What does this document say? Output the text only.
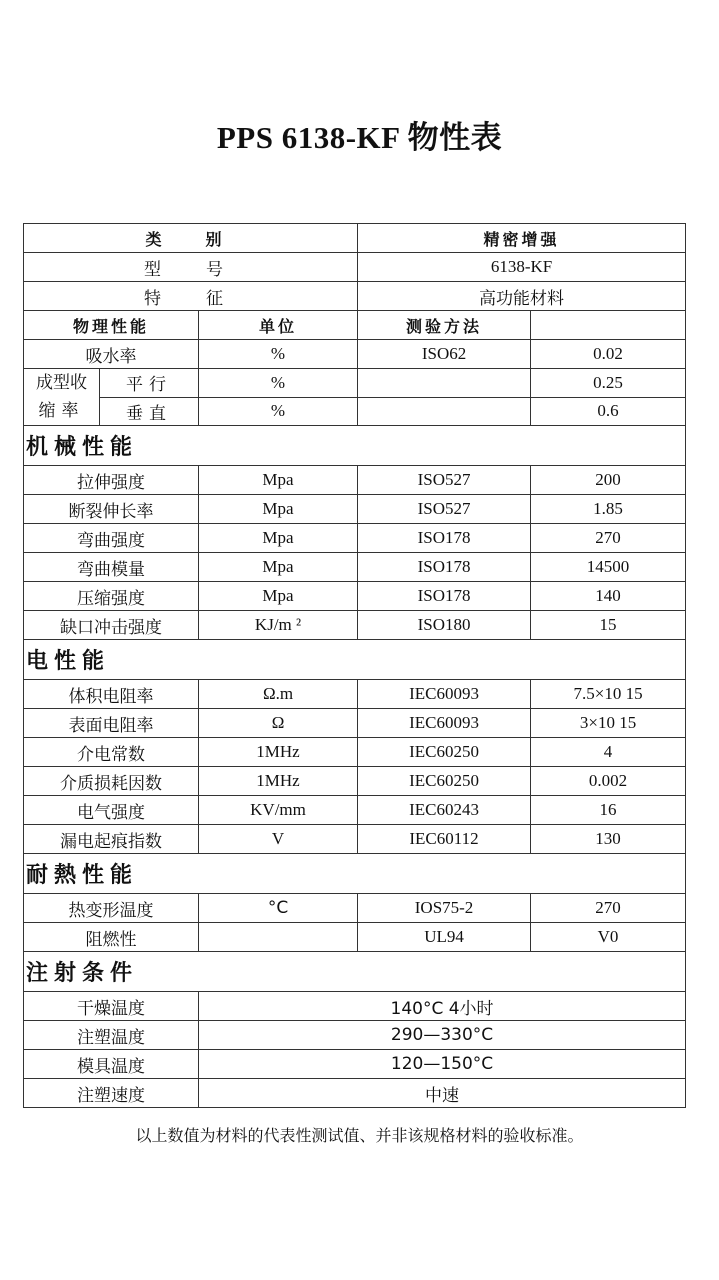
PPS 6138-KF 物性表
类　别			精密增强	
型　号			6138-KF	
特　征			高功能材料	
物理性能		单位	测验方法	
吸水率		%	ISO62	0.02
成型收
缩率	平行	%		0.25
	垂直	%		0.6
机械性能				
拉伸强度		Mpa	ISO527	200
断裂伸长率		Mpa	ISO527	1.85
弯曲强度		Mpa	ISO178	270
弯曲模量		Mpa	ISO178	14500
压缩强度		Mpa	ISO178	140
缺口冲击强度		KJ/m ²	ISO180	15
电性能				
体积电阻率		Ω.m	IEC60093	7.5×10 15
表面电阻率		Ω	IEC60093	3×10 15
介电常数		1MHz	IEC60250	4
介质损耗因数		1MHz	IEC60250	0.002
电气强度		KV/mm	IEC60243	16
漏电起痕指数		V	IEC60112	130
耐熱性能				
热变形温度		°C	IOS75-2	270
阻燃性			UL94	V0
注射条件				
干燥温度		140°C 4小时		
注塑温度		290—330°C		
模具温度		120—150°C		
注塑速度		中速		
以上数值为材料的代表性测试值、并非该规格材料的验收标准。
